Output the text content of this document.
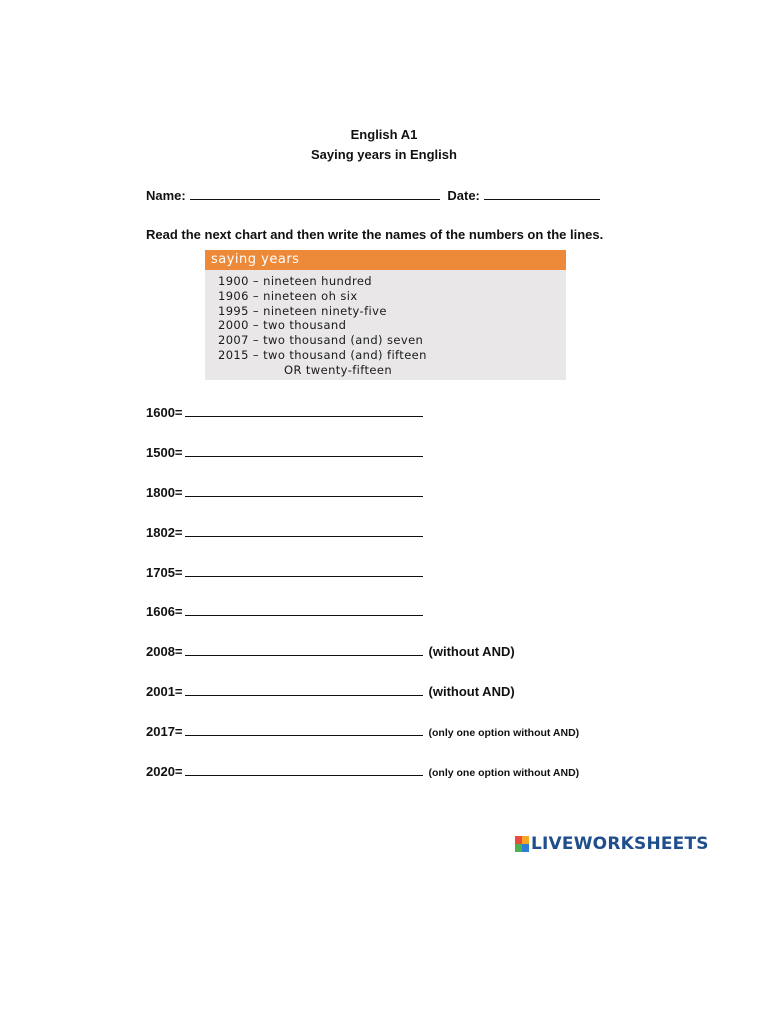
English A1
Saying years in English
Name:	Date:
Read the next chart and then write the names of the numbers on the lines.
saying years
1900 – nineteen hundred
1906 – nineteen oh six
1995 – nineteen ninety-five
2000 – two thousand
2007 – two thousand (and) seven
2015 – two thousand (and) fifteen
OR twenty-fifteen
1600=
1500=
1800=
1802=
1705=
1606=
2008=	(without AND)
2001=	(without AND)
2017=	(only one option without AND)
2020=	(only one option without AND)
LIVEWORKSHEETS
